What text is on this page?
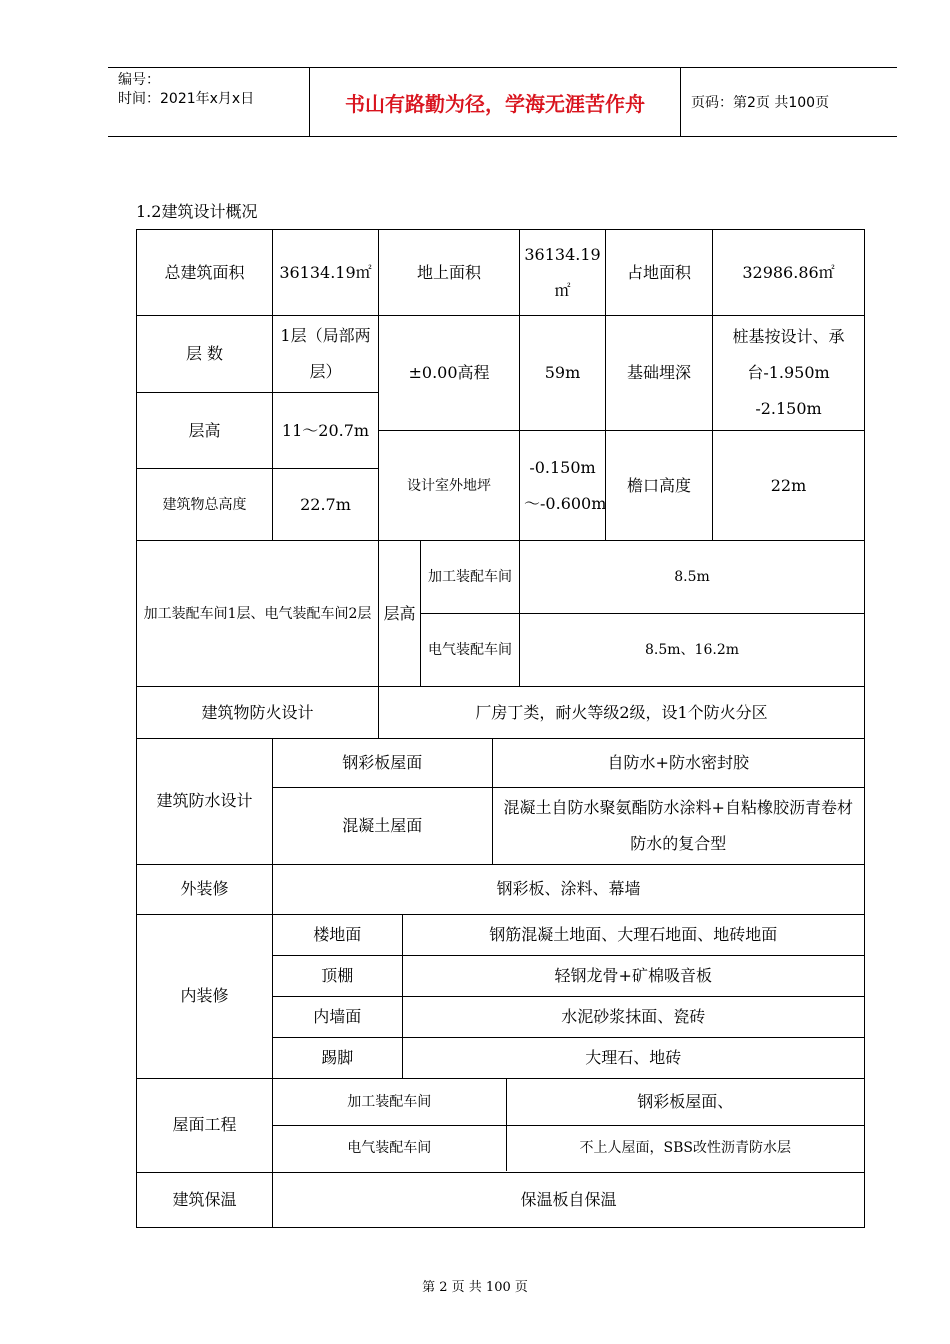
编号：
时间：2021年x月x日	书山有路勤为径，学海无涯苦作舟	页码：第2页 共100页
1.2建筑设计概况
总建筑面积	36134.19㎡	地上面积	36134.19㎡	占地面积	32986.86㎡
层 数	1层（局部两层）	±0.00高程	59m	基础埋深	桩基按设计、承台-1.950m -2.150m
层高	11～20.7m
设计室外地坪	-0.150m～-0.600m	檐口高度	22m
建筑物总高度	22.7m
加工装配车间1层、电气装配车间2层	层高	加工装配车间	8.5m
电气装配车间	8.5m、16.2m
建筑物防火设计	厂房丁类，耐火等级2级，设1个防火分区
建筑防水设计	
钢彩板屋面	自防水+防水密封胶
混凝土屋面	混凝土自防水聚氨酯防水涂料+自粘橡胶沥青卷材防水的复合型

外装修	钢彩板、涂料、幕墙
内装修	
楼地面	钢筋混凝土地面、大理石地面、地砖地面
顶棚	轻钢龙骨+矿棉吸音板
内墙面	水泥砂浆抹面、瓷砖
踢脚	大理石、地砖

屋面工程	
加工装配车间	钢彩板屋面、
电气装配车间	不上人屋面，SBS改性沥青防水层

建筑保温	保温板自保温
第 2 页 共 100 页
